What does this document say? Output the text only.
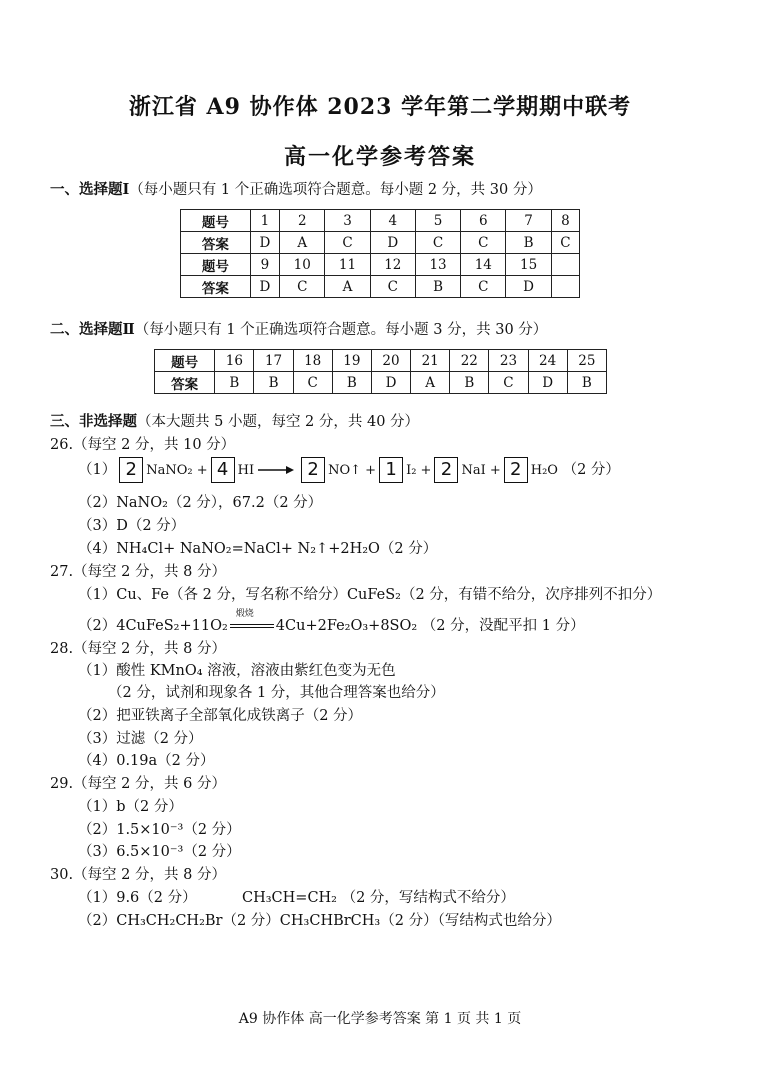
浙江省 A9 协作体 2023 学年第二学期期中联考
高一化学参考答案
一、选择题Ⅰ（每小题只有 1 个正确选项符合题意。每小题 2 分，共 30 分）
题号	1	2	3	4	5	6	7	8
答案	D	A	C	D	C	C	B	C
题号	9	10	11	12	13	14	15	
答案	D	C	A	C	B	C	D	
二、选择题Ⅱ（每小题只有 1 个正确选项符合题意。每小题 3 分，共 30 分）
题号	16	17	18	19	20	21	22	23	24	25
答案	B	B	C	B	D	A	B	C	D	B
三、非选择题（本大题共 5 小题，每空 2 分，共 40 分）
26.（每空 2 分，共 10 分）
（1） 2 NaNO₂ + 4 HI → 2 NO↑ + 1 I₂ + 2 NaI + 2 H₂O （2 分）
（2）NaNO₂（2 分），67.2（2 分）
（3）D（2 分）
（4）NH₄Cl+ NaNO₂=NaCl+ N₂↑+2H₂O（2 分）
27.（每空 2 分，共 8 分）
（1）Cu、Fe（各 2 分，写名称不给分）CuFeS₂（2 分，有错不给分，次序排列不扣分）
（2）4CuFeS₂+11O₂
煅烧
4Cu+2Fe₂O₃+8SO₂ （2 分，没配平扣 1 分）
28.（每空 2 分，共 8 分）
（1）酸性 KMnO₄ 溶液，溶液由紫红色变为无色
（2 分，试剂和现象各 1 分，其他合理答案也给分）
（2）把亚铁离子全部氧化成铁离子（2 分）
（3）过滤（2 分）
（4）0.19a（2 分）
29.（每空 2 分，共 6 分）
（1）b（2 分）
（2）1.5×10⁻³（2 分）
（3）6.5×10⁻³（2 分）
30.（每空 2 分，共 8 分）
（1）9.6（2 分）	CH₃CH=CH₂ （2 分，写结构式不给分）
（2）CH₃CH₂CH₂Br（2 分）CH₃CHBrCH₃（2 分）（写结构式也给分）
A9 协作体 高一化学参考答案 第 1 页 共 1 页
